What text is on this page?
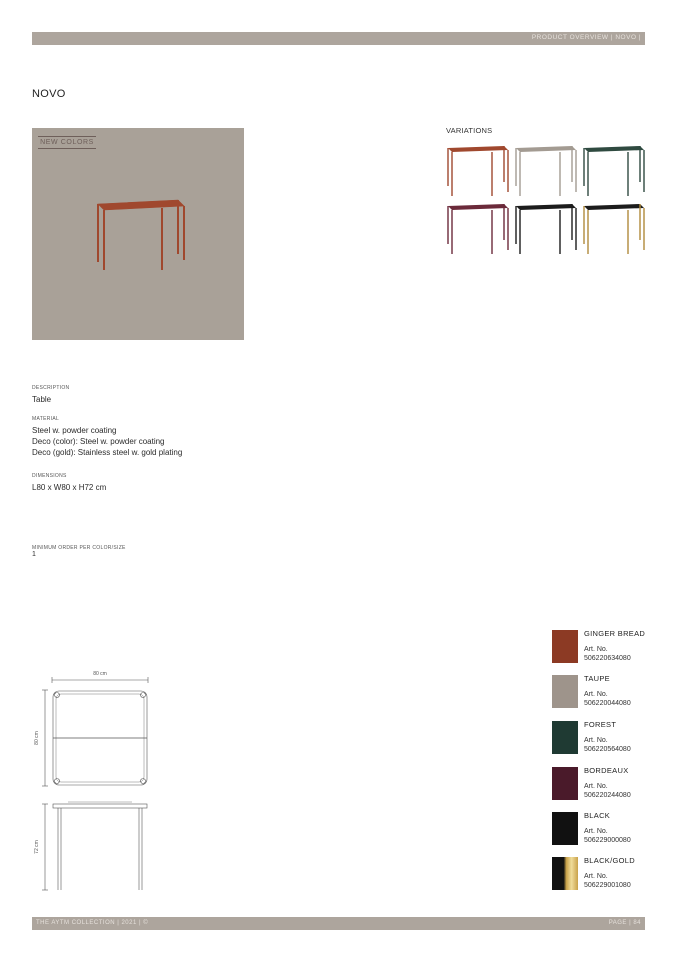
PRODUCT OVERVIEW | NOVO |
NOVO
NEW COLORS
VARIATIONS
DESCRIPTION
Table
MATERIAL
Steel w. powder coating
Deco (color): Steel w. powder coating
Deco (gold): Stainless steel w. gold plating
DIMENSIONS
L80 x W80 x H72 cm
MINIMUM ORDER PER COLOR/SIZE
1
80 cm
80 cm
72 cm
GINGER BREAD
Art. No.
506220634080
TAUPE
Art. No.
506220044080
FOREST
Art. No.
506220564080
BORDEAUX
Art. No.
506220244080
BLACK
Art. No.
506229000080
BLACK/GOLD
Art. No.
506229001080
THE AYTM COLLECTION | 2021 | ©	PAGE | 84
